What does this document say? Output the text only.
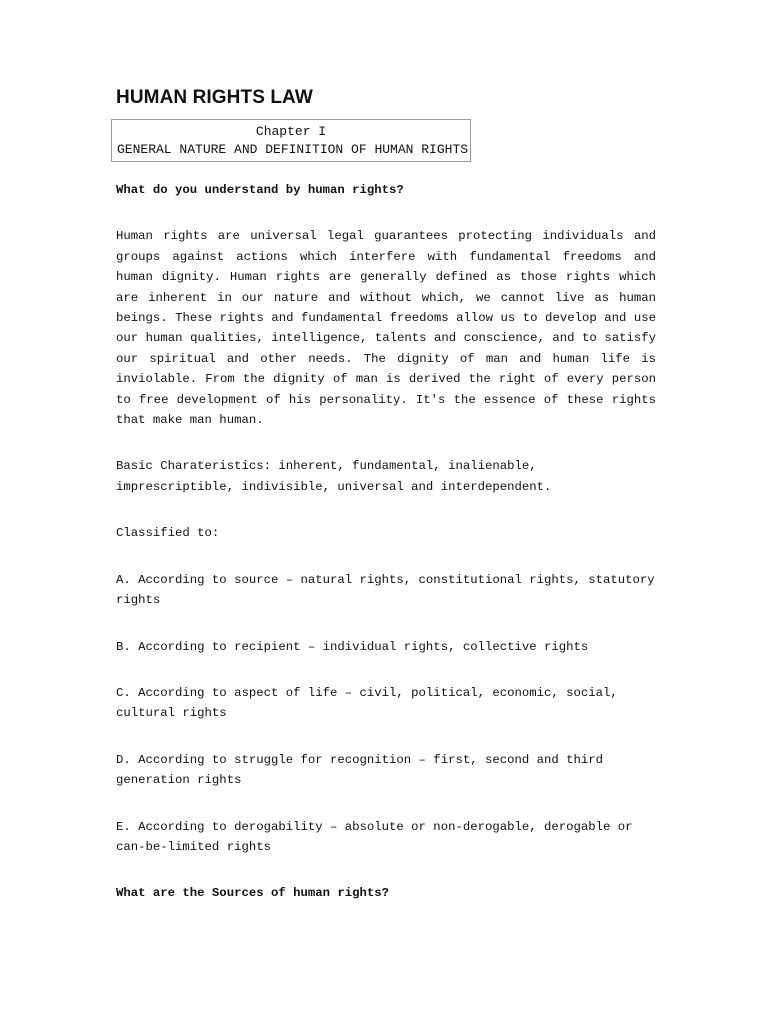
HUMAN RIGHTS LAW
Chapter I
GENERAL NATURE AND DEFINITION OF HUMAN RIGHTS

What do you understand by human rights?

Human rights are universal legal guarantees protecting individuals and groups against actions which interfere with fundamental freedoms and human dignity. Human rights are generally defined as those rights which are inherent in our nature and without which, we cannot live as human beings. These rights and fundamental freedoms allow us to develop and use our human qualities, intelligence, talents and conscience, and to satisfy our spiritual and other needs. The dignity of man and human life is inviolable. From the dignity of man is derived the right of every person to free development of his personality. It's the essence of these rights that make man human.

Basic Charateristics: inherent, fundamental, inalienable, imprescriptible, indivisible, universal and interdependent.

Classified to:

A. According to source – natural rights, constitutional rights, statutory rights

B. According to recipient – individual rights, collective rights

C. According to aspect of life – civil, political, economic, social, cultural rights

D. According to struggle for recognition – first, second and third generation rights

E. According to derogability – absolute or non-derogable, derogable or can-be-limited rights

What are the Sources of human rights?
